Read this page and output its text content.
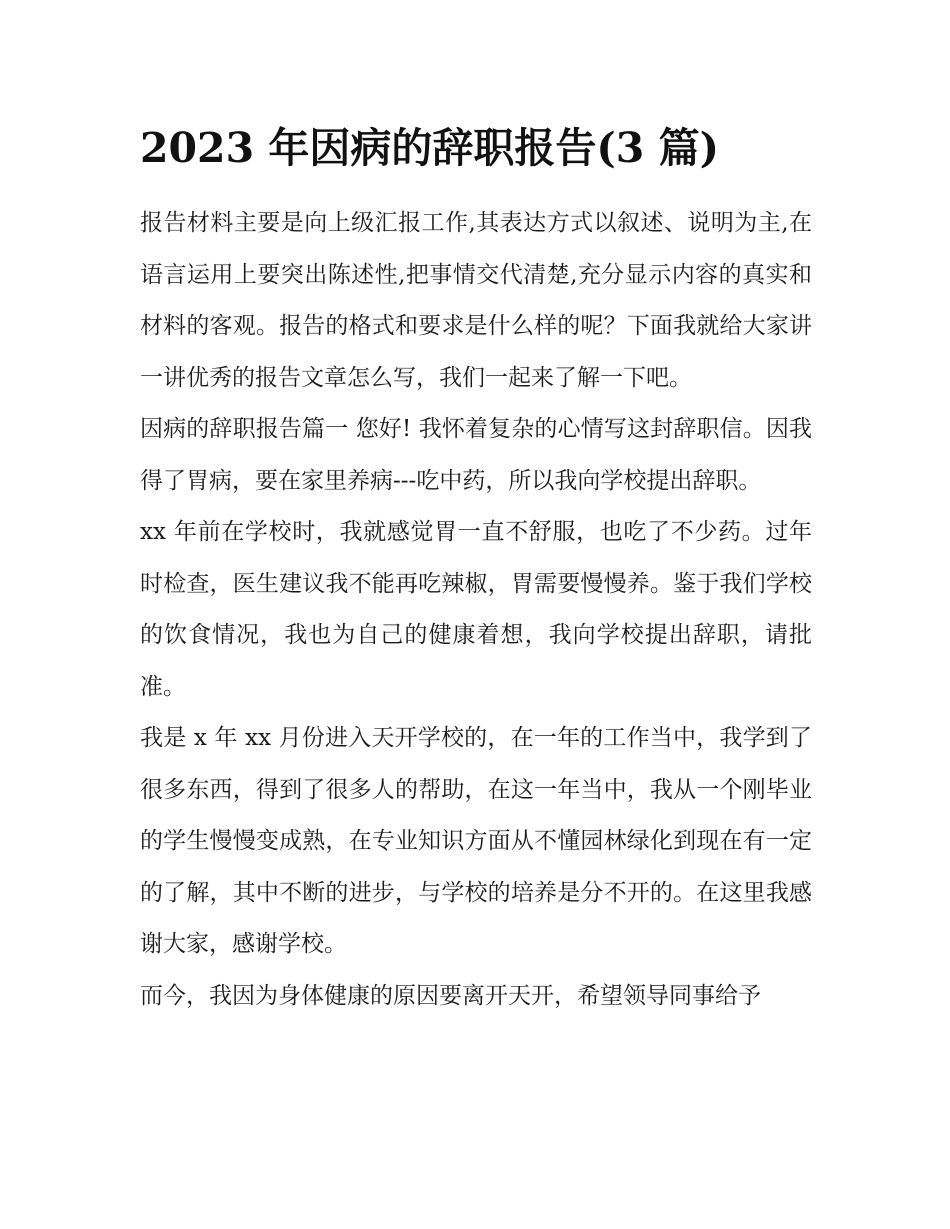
2023 年因病的辞职报告(3 篇)

报告材料主要是向上级汇报工作,其表达方式以叙述、说明为主,在语言运用上要突出陈述性,把事情交代清楚,充分显示内容的真实和材料的客观。报告的格式和要求是什么样的呢？下面我就给大家讲一讲优秀的报告文章怎么写，我们一起来了解一下吧。

因病的辞职报告篇一 您好! 我怀着复杂的心情写这封辞职信。因我得了胃病，要在家里养病---吃中药，所以我向学校提出辞职。

xx 年前在学校时，我就感觉胃一直不舒服，也吃了不少药。过年时检查，医生建议我不能再吃辣椒，胃需要慢慢养。鉴于我们学校的饮食情况，我也为自己的健康着想，我向学校提出辞职，请批准。

我是 x 年 xx 月份进入天开学校的，在一年的工作当中，我学到了很多东西，得到了很多人的帮助，在这一年当中，我从一个刚毕业的学生慢慢变成熟，在专业知识方面从不懂园林绿化到现在有一定的了解，其中不断的进步，与学校的培养是分不开的。在这里我感谢大家，感谢学校。

而今，我因为身体健康的原因要离开天开，希望领导同事给予
